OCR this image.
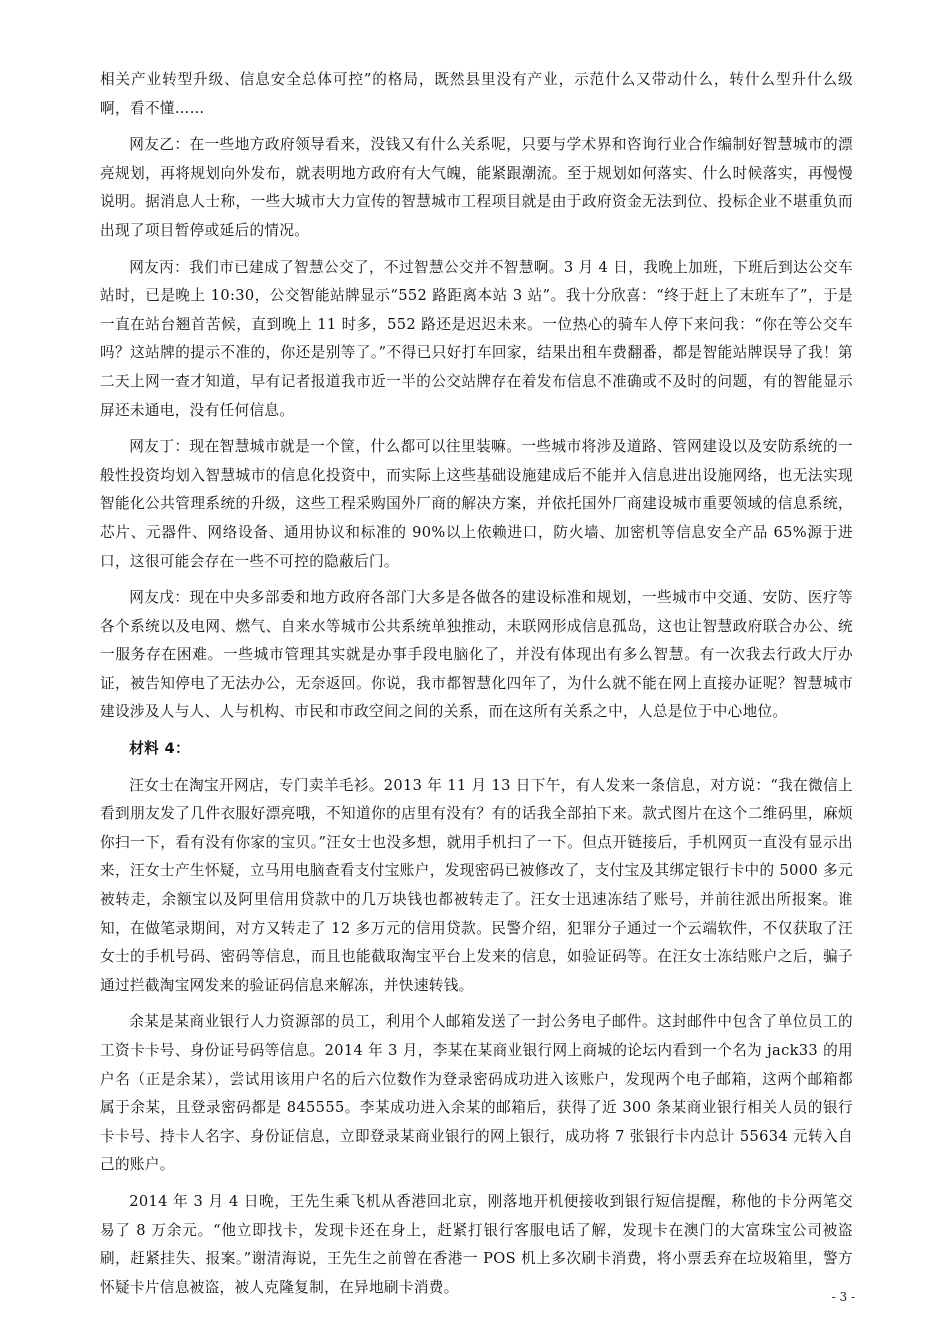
相关产业转型升级、信息安全总体可控”的格局，既然县里没有产业，示范什么又带动什么，转什么型升什么级啊，看不懂……

网友乙：在一些地方政府领导看来，没钱又有什么关系呢，只要与学术界和咨询行业合作编制好智慧城市的漂亮规划，再将规划向外发布，就表明地方政府有大气魄，能紧跟潮流。至于规划如何落实、什么时候落实，再慢慢说明。据消息人士称，一些大城市大力宣传的智慧城市工程项目就是由于政府资金无法到位、投标企业不堪重负而出现了项目暂停或延后的情况。

网友丙：我们市已建成了智慧公交了，不过智慧公交并不智慧啊。3 月 4 日，我晚上加班，下班后到达公交车站时，已是晚上 10:30，公交智能站牌显示“552 路距离本站 3 站”。我十分欣喜：“终于赶上了末班车了”，于是一直在站台翘首苦候，直到晚上 11 时多，552 路还是迟迟未来。一位热心的骑车人停下来问我：“你在等公交车吗？这站牌的提示不准的，你还是别等了。”不得已只好打车回家，结果出租车费翻番，都是智能站牌误导了我！第二天上网一查才知道，早有记者报道我市近一半的公交站牌存在着发布信息不准确或不及时的问题，有的智能显示屏还未通电，没有任何信息。

网友丁：现在智慧城市就是一个筐，什么都可以往里装嘛。一些城市将涉及道路、管网建设以及安防系统的一般性投资均划入智慧城市的信息化投资中，而实际上这些基础设施建成后不能并入信息进出设施网络，也无法实现智能化公共管理系统的升级，这些工程采购国外厂商的解决方案，并依托国外厂商建设城市重要领域的信息系统，芯片、元器件、网络设备、通用协议和标准的 90%以上依赖进口，防火墙、加密机等信息安全产品 65%源于进口，这很可能会存在一些不可控的隐蔽后门。

网友戊：现在中央多部委和地方政府各部门大多是各做各的建设标准和规划，一些城市中交通、安防、医疗等各个系统以及电网、燃气、自来水等城市公共系统单独推动，未联网形成信息孤岛，这也让智慧政府联合办公、统一服务存在困难。一些城市管理其实就是办事手段电脑化了，并没有体现出有多么智慧。有一次我去行政大厅办证，被告知停电了无法办公，无奈返回。你说，我市都智慧化四年了，为什么就不能在网上直接办证呢？智慧城市建设涉及人与人、人与机构、市民和市政空间之间的关系，而在这所有关系之中，人总是位于中心地位。

材料 4：

汪女士在淘宝开网店，专门卖羊毛衫。2013 年 11 月 13 日下午，有人发来一条信息，对方说：“我在微信上看到朋友发了几件衣服好漂亮哦，不知道你的店里有没有？有的话我全部拍下来。款式图片在这个二维码里，麻烦你扫一下，看有没有你家的宝贝。”汪女士也没多想，就用手机扫了一下。但点开链接后，手机网页一直没有显示出来，汪女士产生怀疑，立马用电脑查看支付宝账户，发现密码已被修改了，支付宝及其绑定银行卡中的 5000 多元被转走，余额宝以及阿里信用贷款中的几万块钱也都被转走了。汪女士迅速冻结了账号，并前往派出所报案。谁知，在做笔录期间，对方又转走了 12 多万元的信用贷款。民警介绍，犯罪分子通过一个云端软件，不仅获取了汪女士的手机号码、密码等信息，而且也能截取淘宝平台上发来的信息，如验证码等。在汪女士冻结账户之后，骗子通过拦截淘宝网发来的验证码信息来解冻，并快速转钱。

余某是某商业银行人力资源部的员工，利用个人邮箱发送了一封公务电子邮件。这封邮件中包含了单位员工的工资卡卡号、身份证号码等信息。2014 年 3 月，李某在某商业银行网上商城的论坛内看到一个名为 jack33 的用户名（正是余某），尝试用该用户名的后六位数作为登录密码成功进入该账户，发现两个电子邮箱，这两个邮箱都属于余某，且登录密码都是 845555。李某成功进入余某的邮箱后，获得了近 300 条某商业银行相关人员的银行卡卡号、持卡人名字、身份证信息，立即登录某商业银行的网上银行，成功将 7 张银行卡内总计 55634 元转入自己的账户。

2014 年 3 月 4 日晚，王先生乘飞机从香港回北京，刚落地开机便接收到银行短信提醒，称他的卡分两笔交易了 8 万余元。“他立即找卡，发现卡还在身上，赶紧打银行客服电话了解，发现卡在澳门的大富珠宝公司被盗刷，赶紧挂失、报案。”谢清海说，王先生之前曾在香港一 POS 机上多次刷卡消费，将小票丢弃在垃圾箱里，警方怀疑卡片信息被盗，被人克隆复制，在异地刷卡消费。

- 3 -
